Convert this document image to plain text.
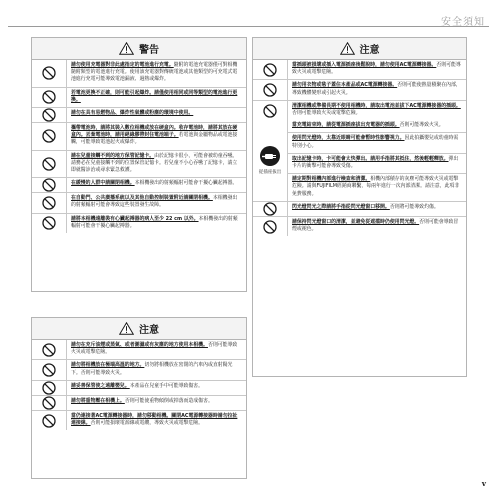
安全須知
警告
請勿使用充電器對非此處指定的電池進行充電。隨附的電池充電器僅可對相機隨附類型的電池進行充電。使用該充電器對傳統電池或其他類型的可充電式電池進行充電可能導致電池漏液、過熱或爆炸。
若電池更換不正確，則可能引起爆炸。請僅使用相同或同等類型的電池進行更換。
請勿在具有易燃物品、爆炸性氣體或粉塵的環境中使用。
攜帶電池時，請將其裝入數位相機或放在硬盒內。收存電池時，請將其放在硬盒內。丟棄電池時，請用絕緣膠帶封住電池端子。若電池與金屬物品或電池接觸，可能導致電池起火或爆炸。
請在兒童接觸不到的地方保管記憶卡。由於記憶卡很小，可能會被幼童吞嚥。請務必在兒童接觸不到的位置保管記憶卡。若兒童不小心吞嚥了記憶卡，請立即就醫診治或尋求緊急救護。
在緩慢的人群中請關閉相機。本相機發出的射頻輻射可能會干擾心臟起搏器。
在自動門、公共廣播系統以及其他自動控制裝置附近請關閉相機。本相機發出的射頻輻射可能會導致這些裝置發生故障。
請將本相機遠離裝有心臟起搏器的病人至少 22 cm 以外。本相機發出的射頻輻射可能會干擾心臟起搏器。
注意
請勿在充斥油煙或蒸氣、或者潮濕或有灰塵的地方使用本相機。否則可能導致火災或電擊危險。
請勿將相機放在極端高溫的地方。切勿將相機放在密閉的汽車內或直射陽光下。否則可能導致火災。
請妥善保管使之遠離嬰兒。本產品在兒童手中可能導致傷害。
請勿將重物壓在相機上。否則可能使重物傾倒或掉落而造成傷害。
當仍連接著AC電源轉接器時，請勿移動相機。關閉AC電源轉接器時請勿拉扯連接線。否則可能損壞電源線或電纜，導致火災或電擊危險。
注意
當插頭被損壞或插入電源插座後鬆脫時，請勿使用AC電源轉接器。否則可能導致火災或電擊危險。
請勿用衣物或毯子蓋住本產品或AC電源轉接器。否則可能使熱量積聚在內部，導致機體變形或引起火災。
清潔相機或準備長期不使用相機時，請取出電池並拔下AC電源轉接器的插頭。否則可能導致火災或電擊危險。
從插座拔出
當充電結束時，請從電源插座拔出充電器的插頭。否則可能導致火災。
使用閃光燈時，太靠近眼睛可能會暫時性影響視力。因此拍攝嬰兒或幼童時需特別小心。
取出記憶卡時，卡可能會太快彈出。請用手指將其抵住，然後輕輕釋放。彈出卡片的衝擊可能會導致受傷。
請定期對相機內部進行檢查和清潔。相機內部積存的灰塵可能導致火災或電擊危險。請與FUJIFILM經銷商聯繫，每兩年進行一次內部清潔。請注意，此項非免費服務。
閃光燈閃光之際請將手指從閃光燈窗口移開。否則將可能導致灼傷。
請保持閃光燈窗口的清潔，並避免從遮擋時仍使用閃光燈。否則可能會導致冒煙或褪色。
v
